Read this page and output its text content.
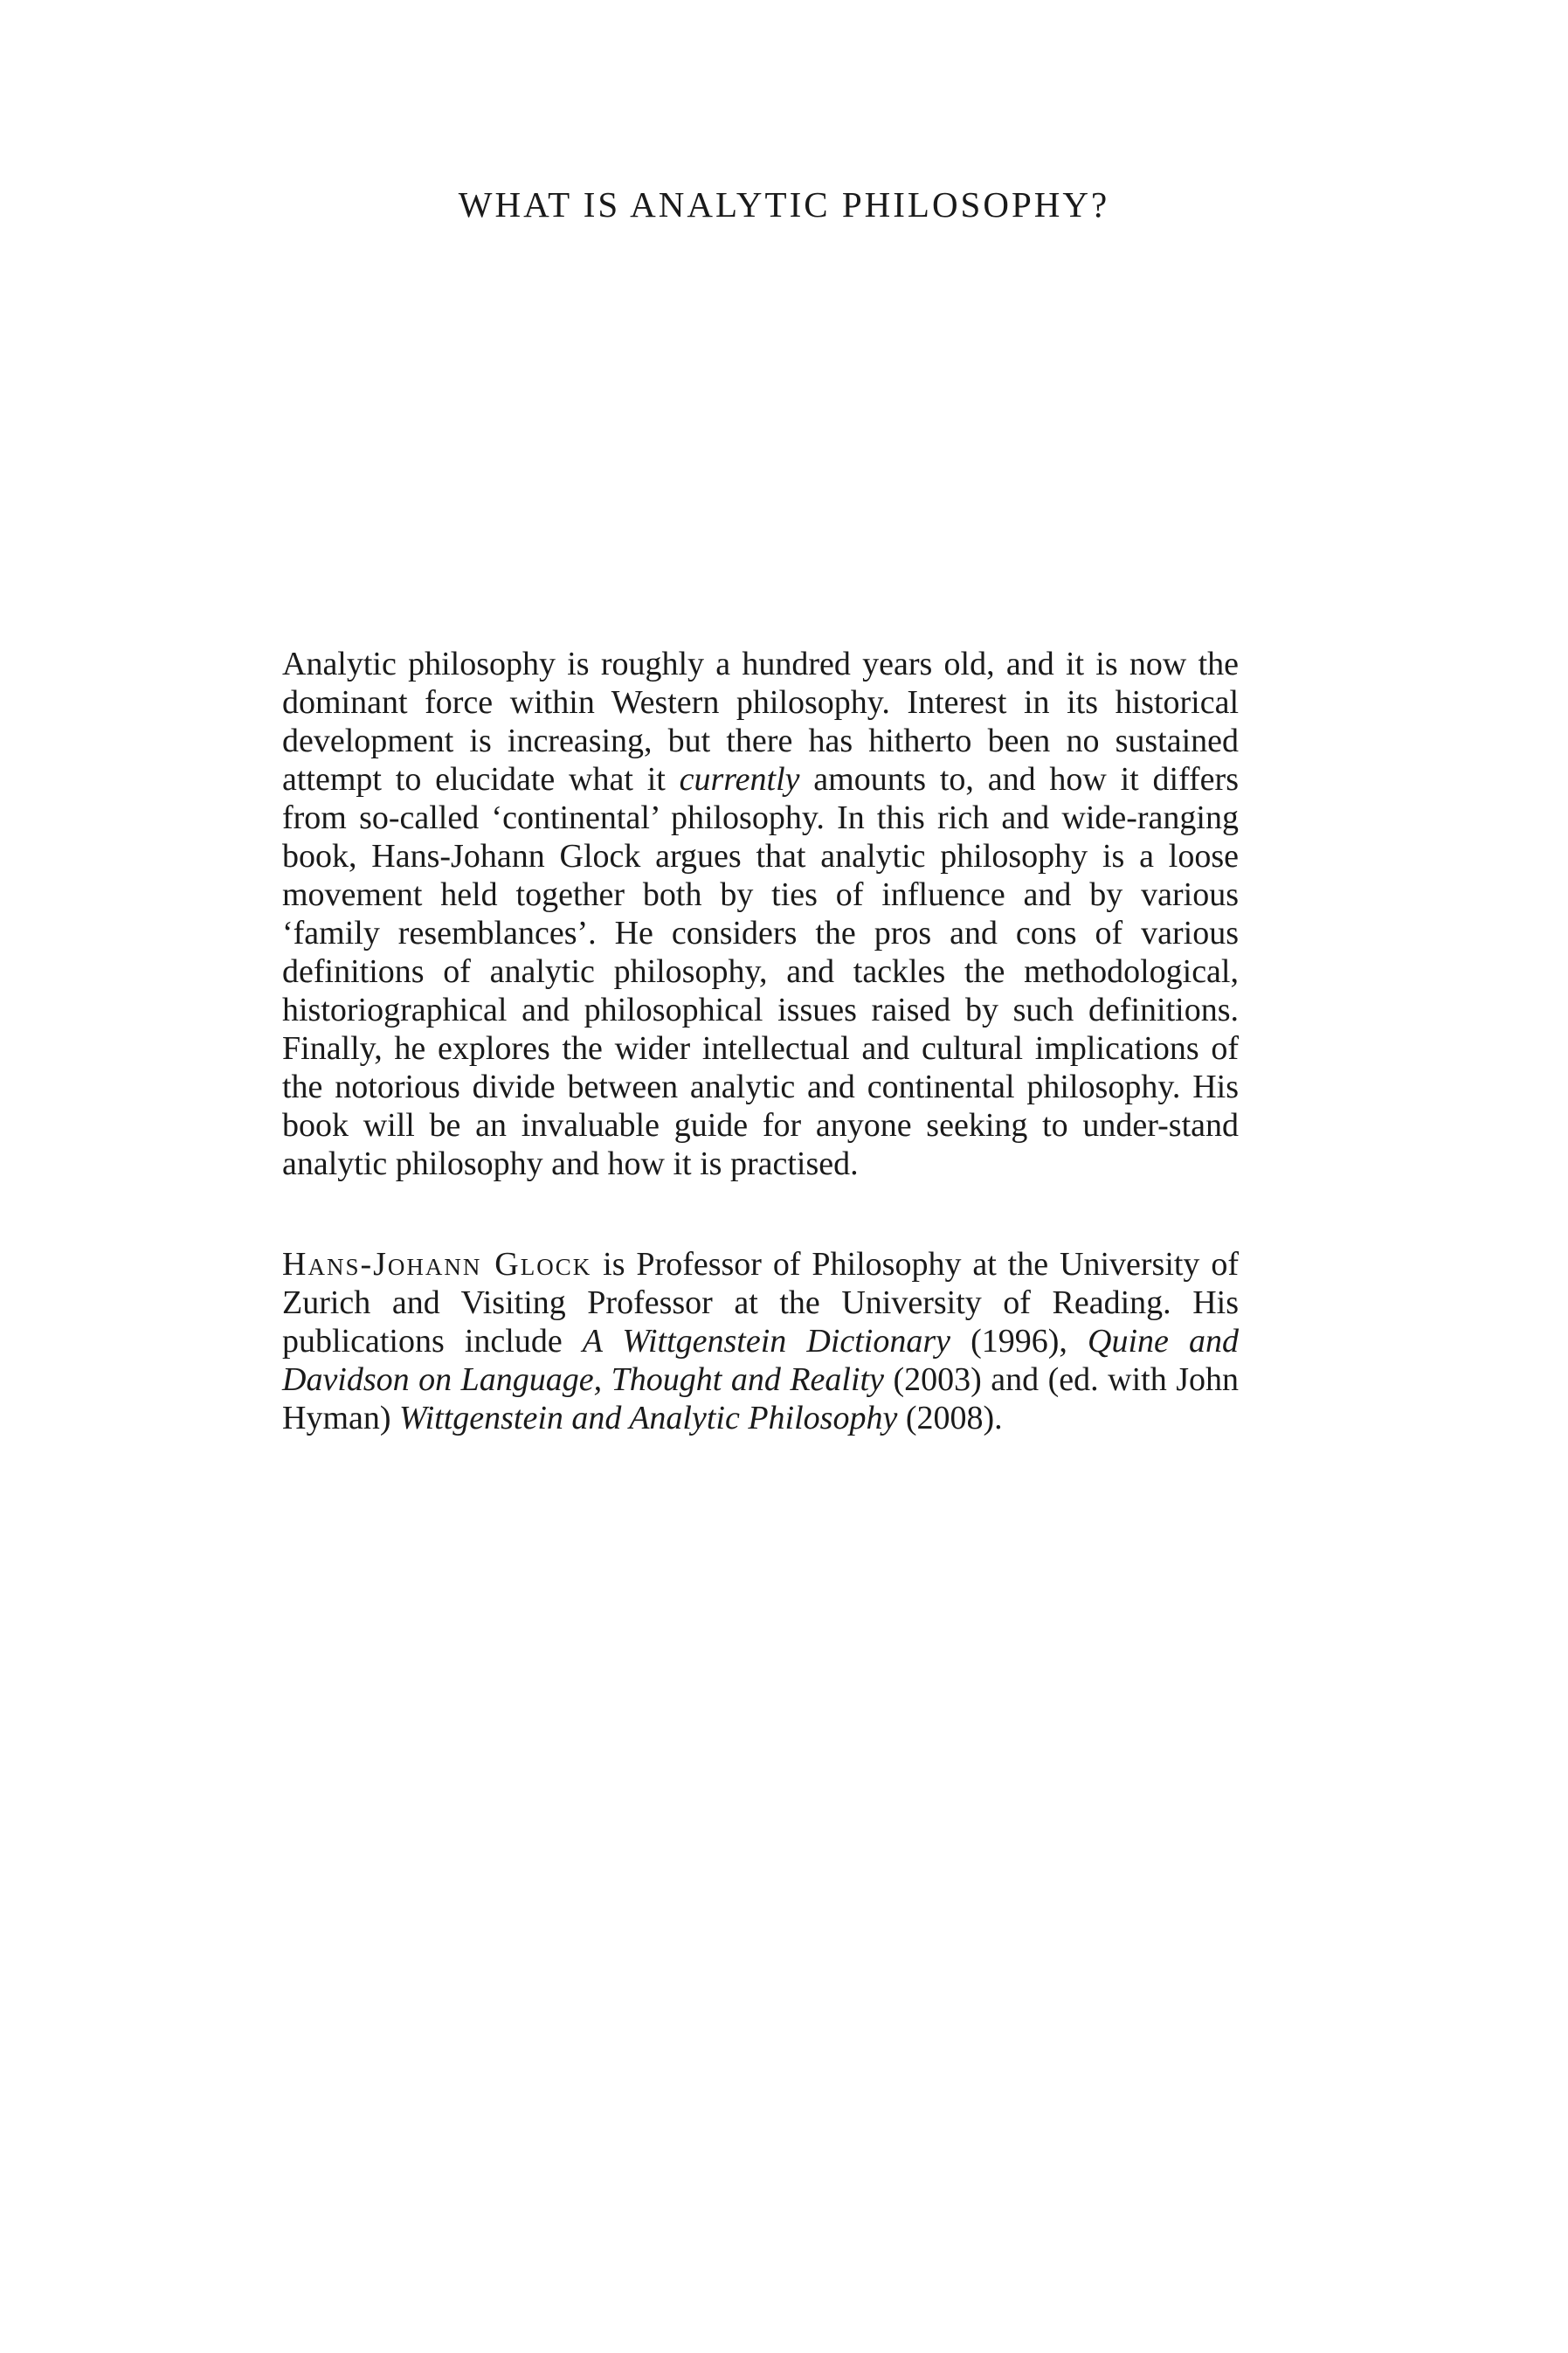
WHAT IS ANALYTIC PHILOSOPHY?

Analytic philosophy is roughly a hundred years old, and it is now the dominant force within Western philosophy. Interest in its historical development is increasing, but there has hitherto been no sustained attempt to elucidate what it currently amounts to, and how it differs from so-called ‘continental’ philosophy. In this rich and wide-ranging book, Hans-Johann Glock argues that analytic philosophy is a loose movement held together both by ties of influence and by various ‘family resemblances’. He considers the pros and cons of various definitions of analytic philosophy, and tackles the methodological, historiographical and philosophical issues raised by such definitions. Finally, he explores the wider intellectual and cultural implications of the notorious divide between analytic and continental philosophy. His book will be an invaluable guide for anyone seeking to under-stand analytic philosophy and how it is practised.

Hans-Johann Glock is Professor of Philosophy at the University of Zurich and Visiting Professor at the University of Reading. His publications include A Wittgenstein Dictionary (1996), Quine and Davidson on Language, Thought and Reality (2003) and (ed. with John Hyman) Wittgenstein and Analytic Philosophy (2008).
